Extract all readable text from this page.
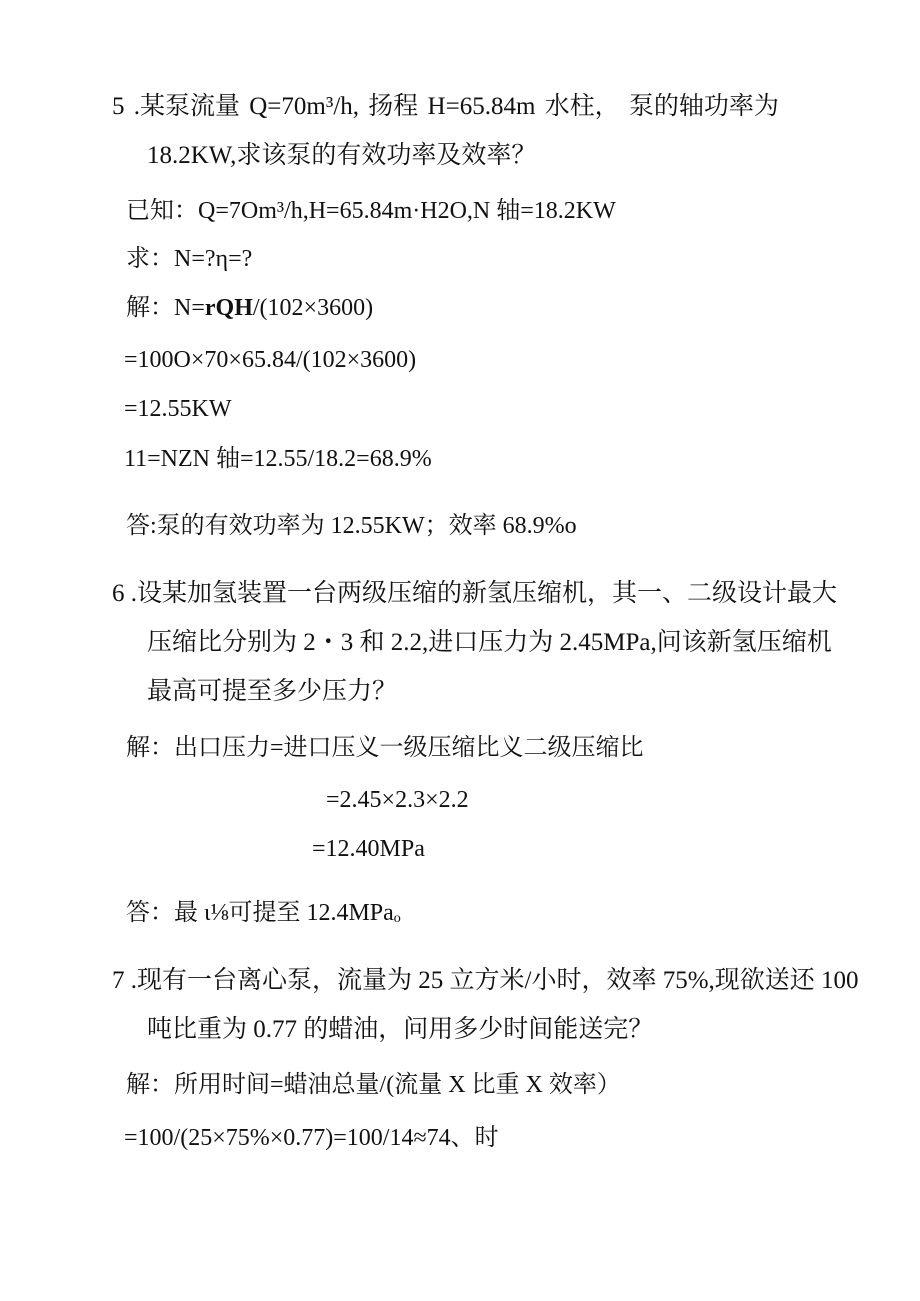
5 .某泵流量 Q=70m³/h, 扬程 H=65.84m 水柱， 泵的轴功率为

18.2KW,求该泵的有效功率及效率？

已知：Q=7Om³/h,H=65.84m·H2O,N 轴=18.2KW

求：N=?η=?

解：N=rQH/(102×3600)

=100O×70×65.84/(102×3600)

=12.55KW

11=NZN 轴=12.55/18.2=68.9%

答:泵的有效功率为 12.55KW；效率 68.9%o

6 .设某加氢装置一台两级压缩的新氢压缩机，其一、二级设计最大

压缩比分别为 2・3 和 2.2,进口压力为 2.45MPa,问该新氢压缩机

最高可提至多少压力？

解：出口压力=进口压义一级压缩比义二级压缩比

=2.45×2.3×2.2

=12.40MPa

答：最 ι⅛可提至 12.4MPaₒ

7 .现有一台离心泵，流量为 25 立方米/小时，效率 75%,现欲送还 100

吨比重为 0.77 的蜡油，问用多少时间能送完？

解：所用时间=蜡油总量/(流量 X 比重 X 效率）

=100/(25×75%×0.77)=100/14≈74、时
